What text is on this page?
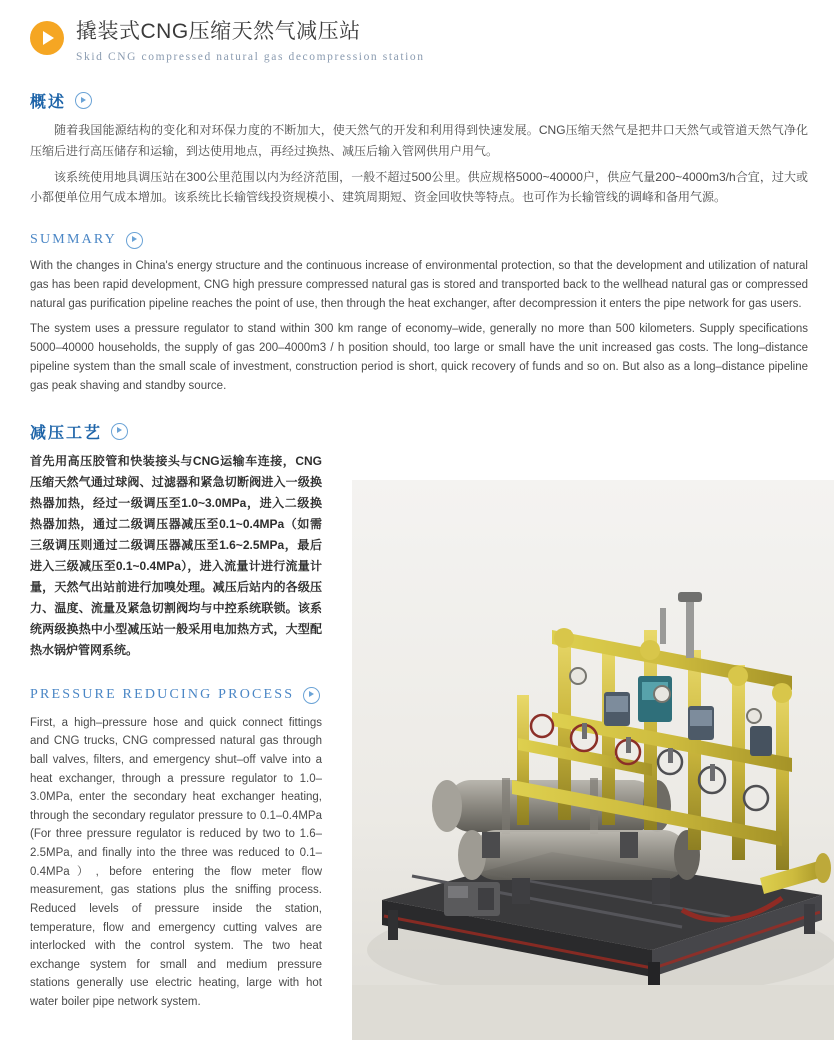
撬装式CNG压缩天然气减压站
Skid CNG compressed natural gas decompression station
概述

随着我国能源结构的变化和对环保力度的不断加大，使天然气的开发和利用得到快速发展。CNG压缩天然气是把井口天然气或管道天然气净化压缩后进行高压储存和运输，到达使用地点，再经过换热、减压后输入管网供用户用气。

该系统使用地具调压站在300公里范围以内为经济范围，一般不超过500公里。供应规格5000~40000户，供应气量200~4000m3/h合宜，过大或小都便单位用气成本增加。该系统比长输管线投资规模小、建筑周期短、资金回收快等特点。也可作为长输管线的调峰和备用气源。

SUMMARY

With the changes in China's energy structure and the continuous increase of environmental protection, so that the development and utilization of natural gas has been rapid development, CNG high pressure compressed natural gas is stored and transported back to the wellhead natural gas or compressed natural gas purification pipeline reaches the point of use, then through the heat exchanger, after decompression it enters the pipe network for gas users.

The system uses a pressure regulator to stand within 300 km range of economy–wide, generally no more than 500 kilometers. Supply specifications 5000–40000 households, the supply of gas 200–4000m3 / h position should, too large or small have the unit increased gas costs. The long–distance pipeline system than the small scale of investment, construction period is short, quick recovery of funds and so on. But also as a long–distance pipeline gas peak shaving and standby source.

减压工艺

首先用高压胶管和快装接头与CNG运输车连接，CNG压缩天然气通过球阀、过滤器和紧急切断阀进入一级换热器加热，经过一级调压至1.0~3.0MPa，进入二级换热器加热，通过二级调压器减压至0.1~0.4MPa（如需三级调压则通过二级调压器减压至1.6~2.5MPa，最后进入三级减压至0.1~0.4MPa），进入流量计进行流量计量，天然气出站前进行加嗅处理。减压后站内的各级压力、温度、流量及紧急切割阀均与中控系统联锁。该系统两级换热中小型减压站一般采用电加热方式，大型配热水锅炉管网系统。

PRESSURE REDUCING PROCESS

First, a high–pressure hose and quick connect fittings and CNG trucks, CNG compressed natural gas through ball valves, filters, and emergency shut–off valve into a heat exchanger, through a pressure regulator to 1.0–3.0MPa, enter the secondary heat exchanger heating, through the secondary regulator pressure to 0.1–0.4MPa (For three pressure regulator is reduced by two to 1.6–2.5MPa, and finally into the three was reduced to 0.1–0.4MPa）, before entering the flow meter flow measurement, gas stations plus the sniffing process. Reduced levels of pressure inside the station, temperature, flow and emergency cutting valves are interlocked with the control system. The two heat exchange system for small and medium pressure stations generally use electric heating, large with hot water boiler pipe network system.
